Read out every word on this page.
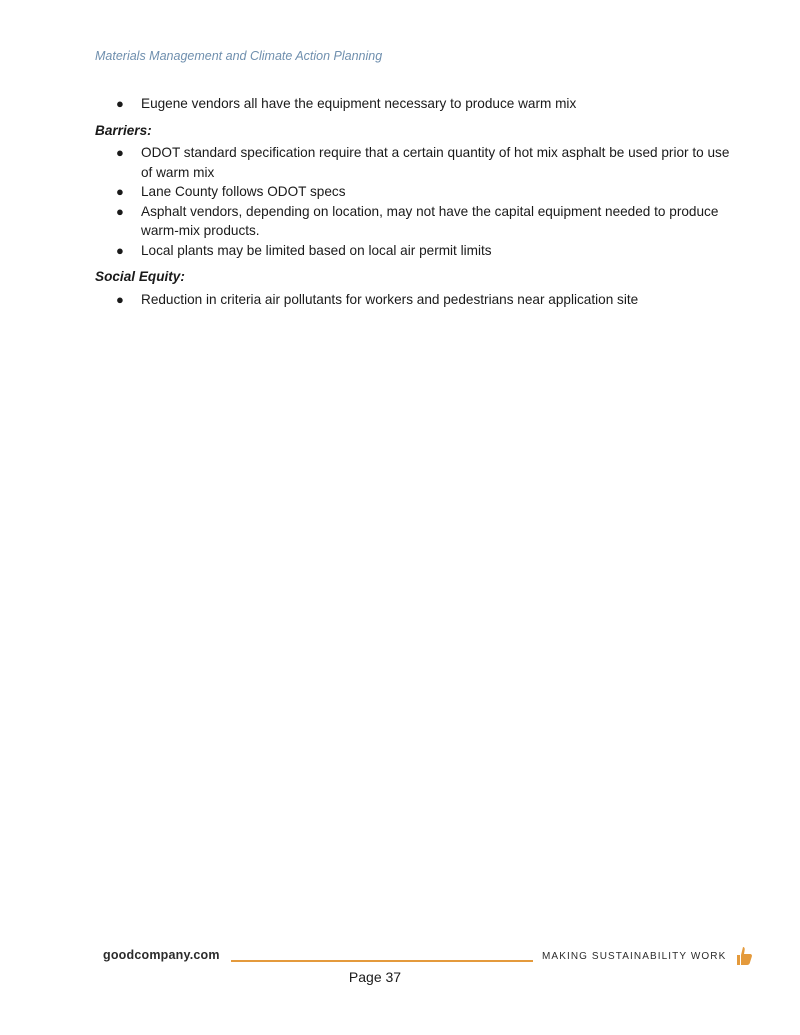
Materials Management and Climate Action Planning
● Eugene vendors all have the equipment necessary to produce warm mix
Barriers:
● ODOT standard specification require that a certain quantity of hot mix asphalt be used prior to use of warm mix
● Lane County follows ODOT specs
● Asphalt vendors, depending on location, may not have the capital equipment needed to produce warm-mix products.
● Local plants may be limited based on local air permit limits
Social Equity:
● Reduction in criteria air pollutants for workers and pedestrians near application site
goodcompany.com	MAKING SUSTAINABILITY WORK
Page 37
